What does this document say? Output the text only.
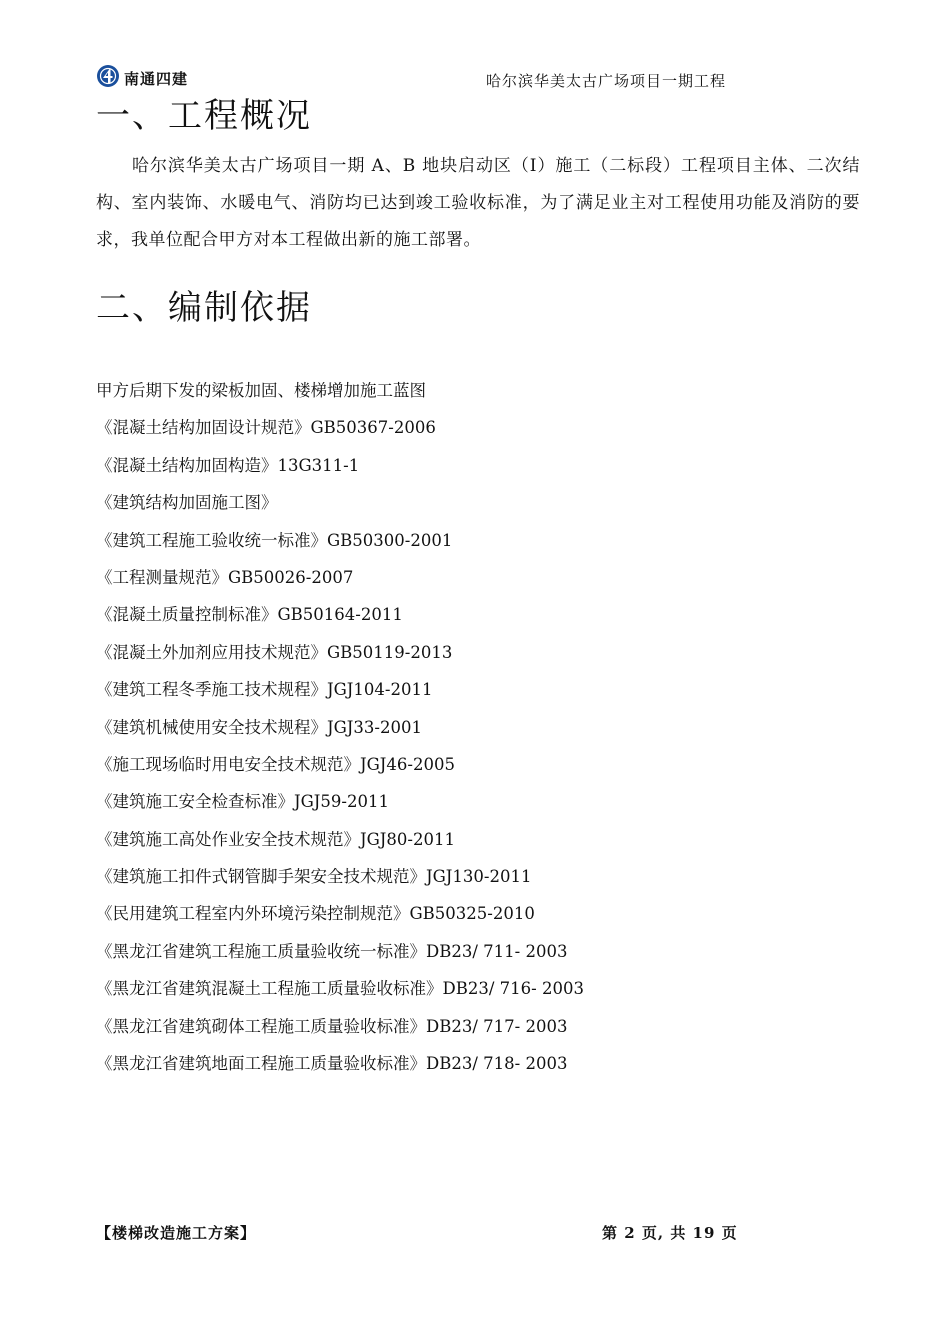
南通四建	哈尔滨华美太古广场项目一期工程
一、工程概况

哈尔滨华美太古广场项目一期 A、B 地块启动区（Ⅰ）施工（二标段）工程项目主体、二次结构、室内装饰、水暖电气、消防均已达到竣工验收标准，为了满足业主对工程使用功能及消防的要求，我单位配合甲方对本工程做出新的施工部署。

二、编制依据
甲方后期下发的梁板加固、楼梯增加施工蓝图
《混凝土结构加固设计规范》GB50367-2006
《混凝土结构加固构造》13G311-1
《建筑结构加固施工图》
《建筑工程施工验收统一标准》GB50300-2001
《工程测量规范》GB50026-2007
《混凝土质量控制标准》GB50164-2011
《混凝土外加剂应用技术规范》GB50119-2013
《建筑工程冬季施工技术规程》JGJ104-2011
《建筑机械使用安全技术规程》JGJ33-2001
《施工现场临时用电安全技术规范》JGJ46-2005
《建筑施工安全检查标准》JGJ59-2011
《建筑施工高处作业安全技术规范》JGJ80-2011
《建筑施工扣件式钢管脚手架安全技术规范》JGJ130-2011
《民用建筑工程室内外环境污染控制规范》GB50325-2010
《黑龙江省建筑工程施工质量验收统一标准》DB23/ 711- 2003
《黑龙江省建筑混凝土工程施工质量验收标准》DB23/ 716- 2003
《黑龙江省建筑砌体工程施工质量验收标准》DB23/ 717- 2003
《黑龙江省建筑地面工程施工质量验收标准》DB23/ 718- 2003
【楼梯改造施工方案】	第 2 页, 共 19 页
